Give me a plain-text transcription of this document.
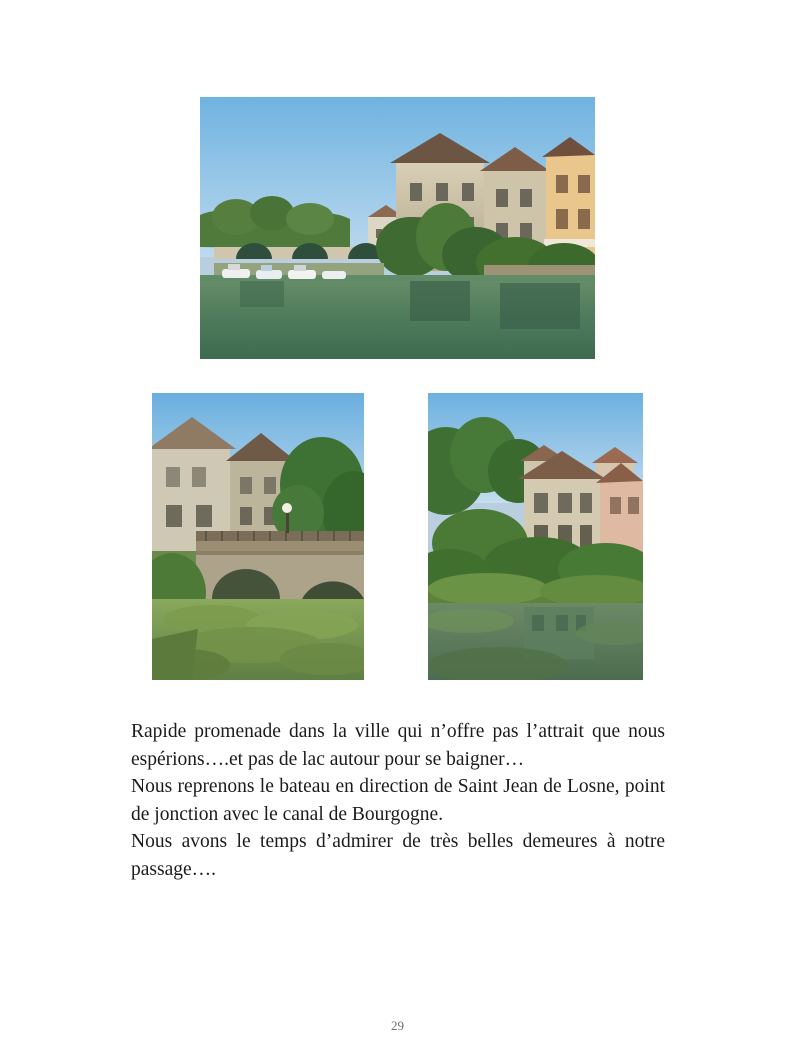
Rapide promenade dans la ville qui n’offre pas l’attrait que nous espérions….et pas de lac autour pour se baigner…

Nous reprenons le bateau en direction de Saint Jean de Losne, point de jonction avec le canal de Bourgogne.

Nous avons le temps d’admirer de très belles demeures à notre passage….

29
